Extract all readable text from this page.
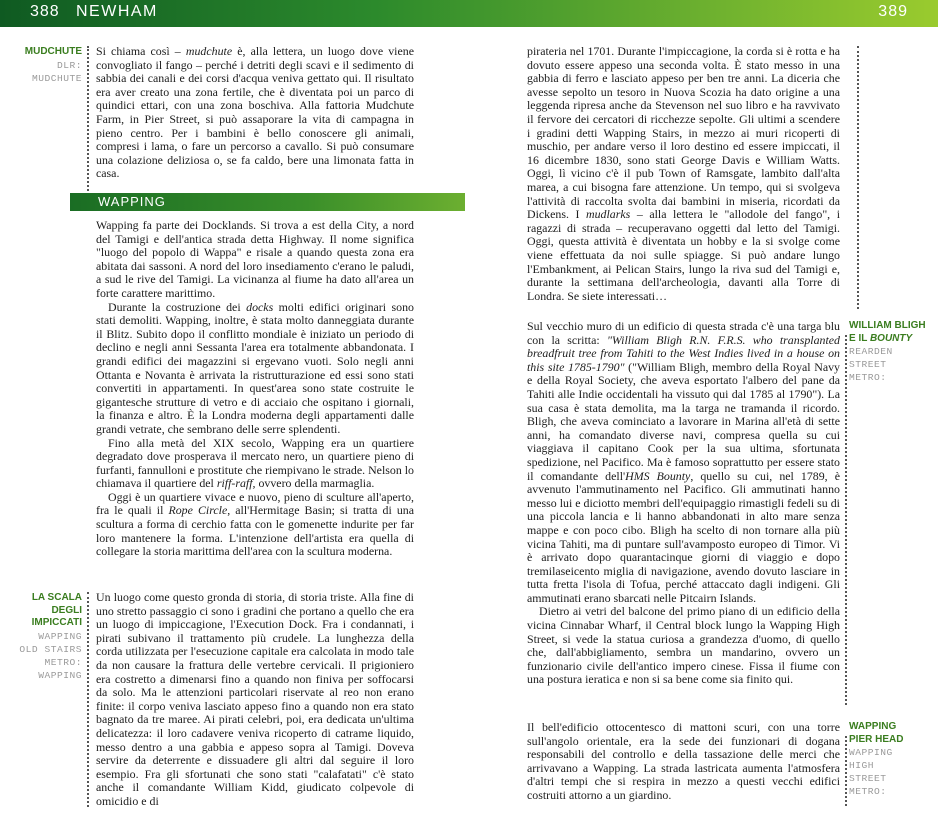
388 NEWHAM	389
MUDCHUTE
DLR:
MUDCHUTE

Si chiama così – mudchute è, alla lettera, un luogo dove viene convogliato il fango – perché i detriti degli scavi e il sedimento di sabbia dei canali e dei corsi d'acqua veniva gettato qui. Il risultato era aver creato una zona fertile, che è diventata poi un parco di quindici ettari, con una zona boschiva. Alla fattoria Mudchute Farm, in Pier Street, si può assaporare la vita di campagna in pieno centro. Per i bambini è bello conoscere gli animali, compresi i lama, o fare un percorso a cavallo. Si può consumare una colazione deliziosa o, se fa caldo, bere una limonata fatta in casa.

WAPPING

Wapping fa parte dei Docklands. Si trova a est della City, a nord del Tamigi e dell'antica strada detta Highway. Il nome significa "luogo del popolo di Wappa" e risale a quando questa zona era abitata dai sassoni. A nord del loro insediamento c'erano le paludi, a sud le rive del Tamigi. La vicinanza al fiume ha dato all'area un forte carattere marittimo.

Durante la costruzione dei docks molti edifici originari sono stati demoliti. Wapping, inoltre, è stata molto danneggiata durante il Blitz. Subito dopo il conflitto mondiale è iniziato un periodo di declino e negli anni Sessanta l'area era totalmente abbandonata. I grandi edifici dei magazzini si ergevano vuoti. Solo negli anni Ottanta e Novanta è arrivata la ristrutturazione ed essi sono stati convertiti in appartamenti. In quest'area sono state costruite le gigantesche strutture di vetro e di acciaio che ospitano i giornali, la finanza e altro. È la Londra moderna degli appartamenti dalle grandi vetrate, che sembrano delle serre splendenti.

Fino alla metà del XIX secolo, Wapping era un quartiere degradato dove prosperava il mercato nero, un quartiere pieno di furfanti, fannulloni e prostitute che riempivano le strade. Nelson lo chiamava il quartiere del riff-raff, ovvero della marmaglia.

Oggi è un quartiere vivace e nuovo, pieno di sculture all'aperto, fra le quali il Rope Circle, all'Hermitage Basin; si tratta di una scultura a forma di cerchio fatta con le gomenette indurite per far loro mantenere la forma. L'intenzione dell'artista era quella di collegare la storia marittima dell'area con la scultura moderna.

LA SCALA
DEGLI IMPICCATI
WAPPING
OLD STAIRS
METRO:
WAPPING

Un luogo come questo gronda di storia, di storia triste. Alla fine di uno stretto passaggio ci sono i gradini che portano a quello che era un luogo di impiccagione, l'Execution Dock. Fra i condannati, i pirati subivano il trattamento più crudele. La lunghezza della corda utilizzata per l'esecuzione capitale era calcolata in modo tale da non causare la frattura delle vertebre cervicali. Il prigioniero era costretto a dimenarsi fino a quando non finiva per soffocarsi da solo. Ma le attenzioni particolari riservate al reo non erano finite: il corpo veniva lasciato appeso fino a quando non era stato bagnato da tre maree. Ai pirati celebri, poi, era dedicata un'ultima delicatezza: il loro cadavere veniva ricoperto di catrame liquido, messo dentro a una gabbia e appeso sopra al Tamigi. Doveva servire da deterrente e dissuadere gli altri dal seguire il loro esempio. Fra gli sfortunati che sono stati "calafatati" c'è stato anche il comandante William Kidd, giudicato colpevole di omicidio e di

pirateria nel 1701. Durante l'impiccagione, la corda si è rotta e ha dovuto essere appeso una seconda volta. È stato messo in una gabbia di ferro e lasciato appeso per ben tre anni. La diceria che avesse sepolto un tesoro in Nuova Scozia ha dato origine a una leggenda ripresa anche da Stevenson nel suo libro e ha ravvivato il fervore dei cercatori di ricchezze sepolte. Gli ultimi a scendere i gradini detti Wapping Stairs, in mezzo ai muri ricoperti di muschio, per andare verso il loro destino ed essere impiccati, il 16 dicembre 1830, sono stati George Davis e William Watts. Oggi, lì vicino c'è il pub Town of Ramsgate, lambito dall'alta marea, a cui bisogna fare attenzione. Un tempo, qui si svolgeva l'attività di raccolta svolta dai bambini in miseria, ricordati da Dickens. I mudlarks – alla lettera le "allodole del fango", i ragazzi di strada – recuperavano oggetti dal letto del Tamigi. Oggi, questa attività è diventata un hobby e la si svolge come viene effettuata da noi sulle spiagge. Si può andare lungo l'Embankment, ai Pelican Stairs, lungo la riva sud del Tamigi e, durante la settimana dell'archeologia, davanti alla Torre di Londra. Se siete interessati…

Sul vecchio muro di un edificio di questa strada c'è una targa blu con la scritta: "William Bligh R.N. F.R.S. who transplanted breadfruit tree from Tahiti to the West Indies lived in a house on this site 1785-1790" ("William Bligh, membro della Royal Navy e della Royal Society, che aveva esportato l'albero del pane da Tahiti alle Indie occidentali ha vissuto qui dal 1785 al 1790"). La sua casa è stata demolita, ma la targa ne tramanda il ricordo. Bligh, che aveva cominciato a lavorare in Marina all'età di sette anni, ha comandato diverse navi, compresa quella su cui viaggiava il capitano Cook per la sua ultima, sfortunata spedizione, nel Pacifico. Ma è famoso soprattutto per essere stato il comandante dell'HMS Bounty, quello su cui, nel 1789, è avvenuto l'ammutinamento nel Pacifico. Gli ammutinati hanno messo lui e diciotto membri dell'equipaggio rimastigli fedeli su di una piccola lancia e li hanno abbandonati in alto mare senza mappe e con poco cibo. Bligh ha scelto di non tornare alla più vicina Tahiti, ma di puntare sull'avamposto europeo di Timor. Vi è arrivato dopo quarantacinque giorni di viaggio e dopo tremilaseicento miglia di navigazione, avendo dovuto lasciare in tutta fretta l'isola di Tofua, perché attaccato dagli indigeni. Gli ammutinati erano sbarcati nelle Pitcairn Islands.

Dietro ai vetri del balcone del primo piano di un edificio della vicina Cinnabar Wharf, il Central block lungo la Wapping High Street, si vede la statua curiosa a grandezza d'uomo, di quello che, dall'abbigliamento, sembra un mandarino, ovvero un funzionario civile dell'antico impero cinese. Fissa il fiume con una postura ieratica e non si sa bene come sia finito qui.

WILLIAM BLIGH
E IL BOUNTY
REARDEN
STREET
METRO:

Il bell'edificio ottocentesco di mattoni scuri, con una torre sull'angolo orientale, era la sede dei funzionari di dogana responsabili del controllo e della tassazione delle merci che arrivavano a Wapping. La strada lastricata aumenta l'atmosfera d'altri tempi che si respira in mezzo a questi vecchi edifici costruiti attorno a un giardino.

WAPPING
PIER HEAD
WAPPING
HIGH
STREET
METRO:
